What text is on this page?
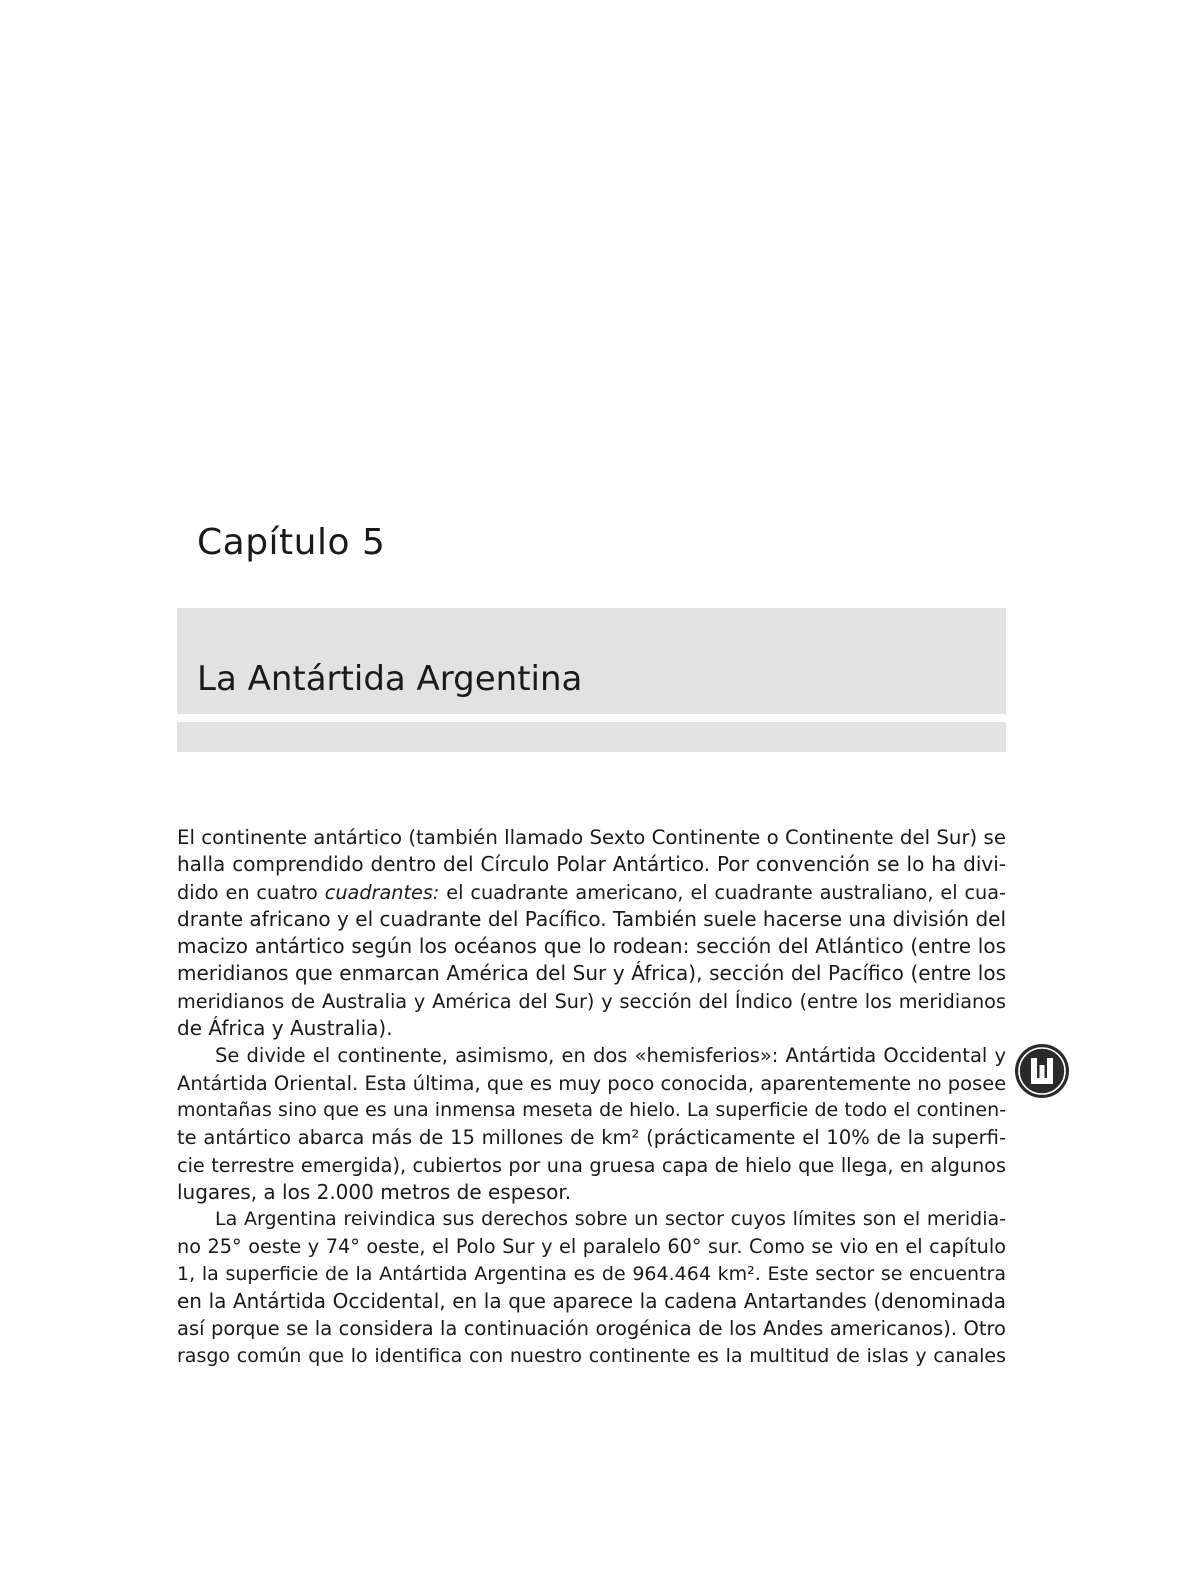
Capítulo 5
La Antártida Argentina
El continente antártico (también llamado Sexto Continente o Continente del Sur) se
halla comprendido dentro del Círculo Polar Antártico. Por convención se lo ha divi-
dido en cuatro cuadrantes: el cuadrante americano, el cuadrante australiano, el cua-
drante africano y el cuadrante del Pacífico. También suele hacerse una división del
macizo antártico según los océanos que lo rodean: sección del Atlántico (entre los
meridianos que enmarcan América del Sur y África), sección del Pacífico (entre los
meridianos de Australia y América del Sur) y sección del Índico (entre los meridianos
de África y Australia).
Se divide el continente, asimismo, en dos «hemisferios»: Antártida Occidental y
Antártida Oriental. Esta última, que es muy poco conocida, aparentemente no posee
montañas sino que es una inmensa meseta de hielo. La superficie de todo el continen-
te antártico abarca más de 15 millones de km² (prácticamente el 10% de la superfi-
cie terrestre emergida), cubiertos por una gruesa capa de hielo que llega, en algunos
lugares, a los 2.000 metros de espesor.
La Argentina reivindica sus derechos sobre un sector cuyos límites son el meridia-
no 25° oeste y 74° oeste, el Polo Sur y el paralelo 60° sur. Como se vio en el capítulo
1, la superficie de la Antártida Argentina es de 964.464 km². Este sector se encuentra
en la Antártida Occidental, en la que aparece la cadena Antartandes (denominada
así porque se la considera la continuación orogénica de los Andes americanos). Otro
rasgo común que lo identifica con nuestro continente es la multitud de islas y canales
